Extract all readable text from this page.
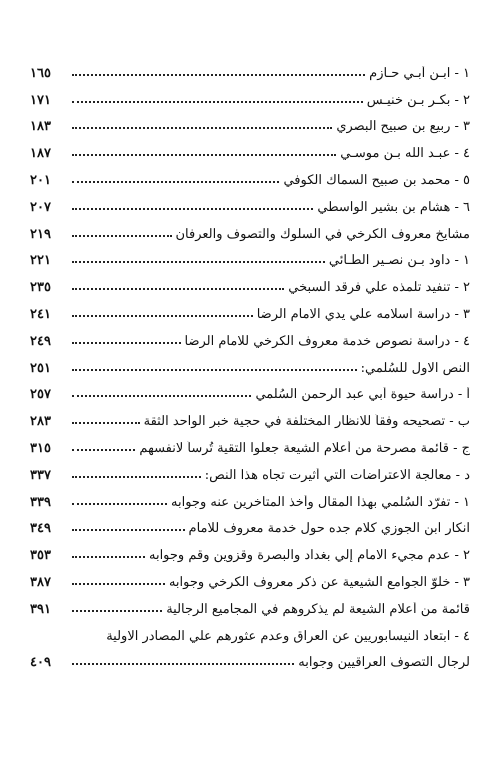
١٦٥	١ - ابـن أبـي حـازم
١٧١	٢ - بكـر بـن خنيـس
١٨٣	٣ - ربيع بن صبيح البصري
١٨٧	٤ - عبـد الله بـن موسـي
٢٠١	٥ - محمد بن صبيح السماك الكوفي
٢٠٧	٦ - هشام بن بشير الواسطي
٢١٩	مشايخ معروف الكرخي في السلوك والتصوف والعرفان
٢٢١	١ - داود بـن نصـير الطـائي
٢٣٥	٢ - تنفيد تلمذه علي فرقد السبخي
٢٤١	٣ - دراسة اسلامه علي يدي الامام الرضا
٢٤٩	٤ - دراسة نصوص خدمة معروف الكرخي للامام الرضا
٢٥١	النص الاول للسُلمي:
٢٥٧	أ - دراسة حيوة أبي عبد الرحمن السُلمي
٢٨٣	ب - تصحيحه وفقاً للانظار المختلفة في حجية خبر الواحد الثقة
٣١٥	ج - قائمة مصرحة من أعلام الشيعة جعلوا التقية تُرساً لانفسهم
٣٣٧	د - معالجة الاعتراضات التي أثيرت تجاه هذا النص:
٣٣٩	١ - تفرّد السُلمي بهذا المقال وأخذ المتأخرين عنه وجوابه
٣٤٩	انكار ابن الجوزي كلام جده حول خدمة معروف للامام
٣٥٣	٢ - عدم مجيء الامام إلي بغداد والبصرة وقزوين وقم وجوابه
٣٨٧	٣ - خلوّ الجوامع الشيعية عن ذكر معروف الكرخي وجوابه
٣٩١	قائمة من أعلام الشيعة لم يذكروهم في المجاميع الرجالية
٤ - ابتعاد النيسابوريين عن العراق وعدم عثورهم علي المصادر الاولية
٤٠٩	لرجال التصوف العراقيين وجوابه
